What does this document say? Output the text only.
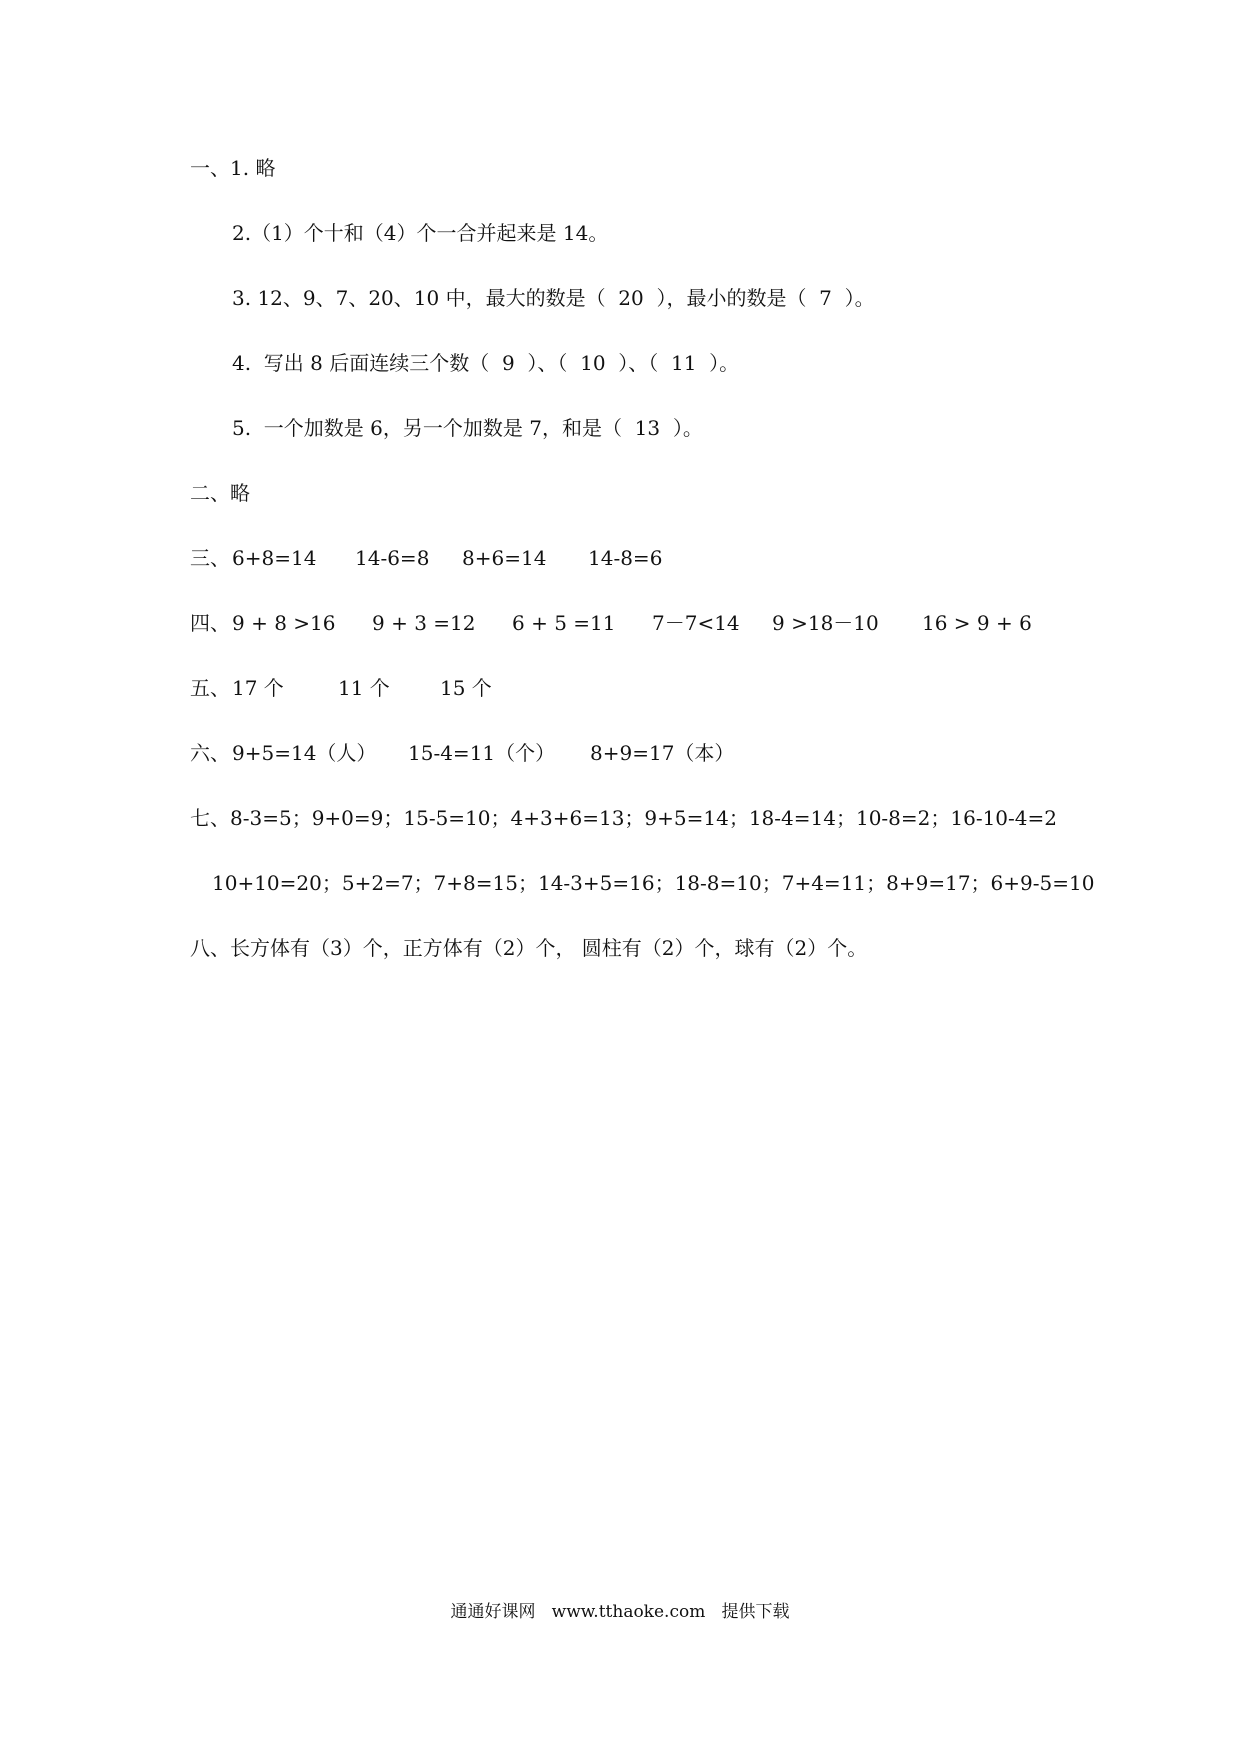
一、1. 略
2.（1）个十和（4）个一合并起来是 14。
3. 12、9、7、20、10 中，最大的数是（  20  ），最小的数是（  7  ）。
4.  写出 8 后面连续三个数（  9  ）、（  10  ）、（  11  ）。
5.  一个加数是 6，另一个加数是 7，和是（  13  ）。
二、略

三、

6+8=14

14-6=8

8+6=14

14-8=6

四、

9 + 8 >16

9 + 3 =12

6 + 5 =11

7－7<14

9 >18－10

16 > 9 + 6

五、

17 个

	11 个

	15 个

六、

9+5=14（人）

15-4=11（个）

8+9=17（本）

七、8-3=5；9+0=9；15-5=10；4+3+6=13；9+5=14；18-4=14；10-8=2；16-10-4=2
10+10=20；5+2=7；7+8=15；14-3+5=16；18-8=10；7+4=11；8+9=17；6+9-5=10
八、长方体有（3）个，正方体有（2）个， 圆柱有（2）个，球有（2）个。
通通好课网   www.tthaoke.com   提供下载
